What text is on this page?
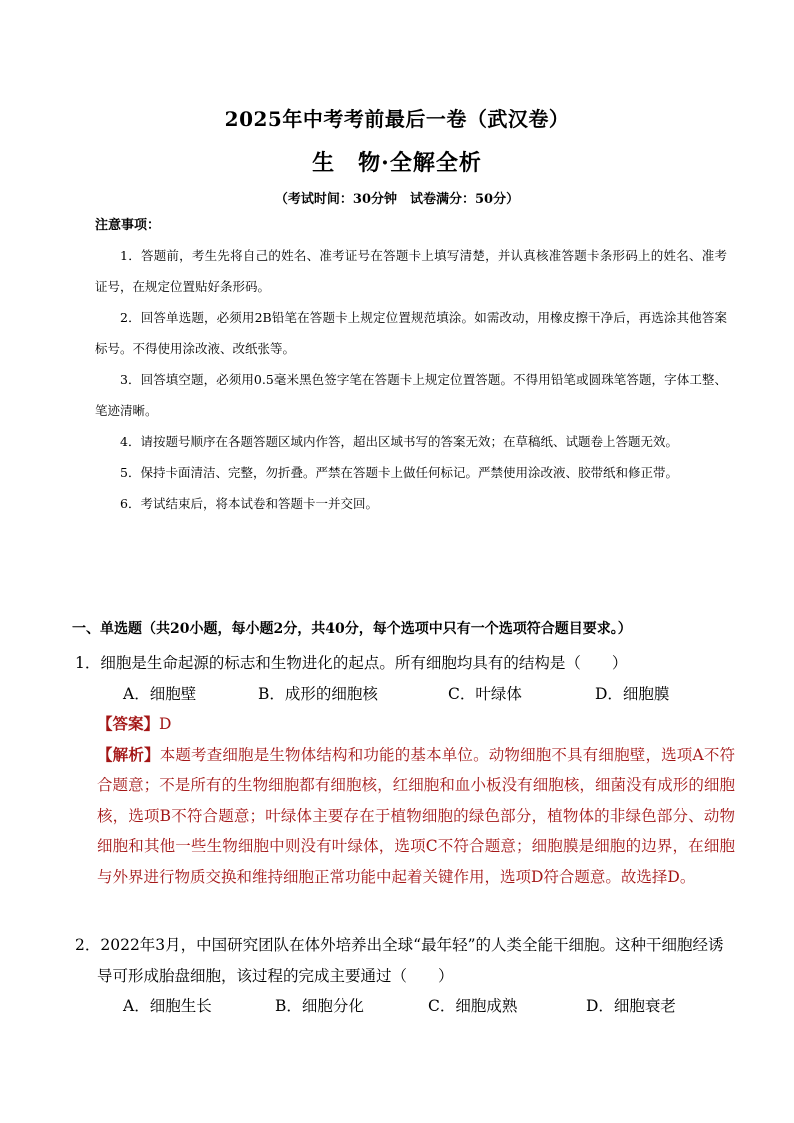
2025年中考考前最后一卷（武汉卷）
生　物·全解全析
（考试时间：30分钟　试卷满分：50分）
注意事项：

1．答题前，考生先将自己的姓名、准考证号在答题卡上填写清楚，并认真核准答题卡条形码上的姓名、准考证号，在规定位置贴好条形码。

2．回答单选题，必须用2B铅笔在答题卡上规定位置规范填涂。如需改动，用橡皮擦干净后，再选涂其他答案标号。不得使用涂改液、改纸张等。

3．回答填空题，必须用0.5毫米黑色签字笔在答题卡上规定位置答题。不得用铅笔或圆珠笔答题，字体工整、笔迹清晰。

4．请按题号顺序在各题答题区域内作答，超出区域书写的答案无效；在草稿纸、试题卷上答题无效。

5．保持卡面清洁、完整，勿折叠。严禁在答题卡上做任何标记。严禁使用涂改液、胶带纸和修正带。

6．考试结束后，将本试卷和答题卡一并交回。

一、单选题（共20小题，每小题2分，共40分，每个选项中只有一个选项符合题目要求。）

1．细胞是生命起源的标志和生物进化的起点。所有细胞均具有的结构是（　　）

A．细胞壁	B．成形的细胞核	C．叶绿体	D．细胞膜

【答案】D

【解析】本题考查细胞是生物体结构和功能的基本单位。动物细胞不具有细胞壁，选项A不符合题意；不是所有的生物细胞都有细胞核，红细胞和血小板没有细胞核，细菌没有成形的细胞核，选项B不符合题意；叶绿体主要存在于植物细胞的绿色部分，植物体的非绿色部分、动物细胞和其他一些生物细胞中则没有叶绿体，选项C不符合题意；细胞膜是细胞的边界，在细胞与外界进行物质交换和维持细胞正常功能中起着关键作用，选项D符合题意。故选择D。

2．2022年3月，中国研究团队在体外培养出全球“最年轻”的人类全能干细胞。这种干细胞经诱导可形成胎盘细胞，该过程的完成主要通过（　　）

A．细胞生长	B．细胞分化	C．细胞成熟	D．细胞衰老
